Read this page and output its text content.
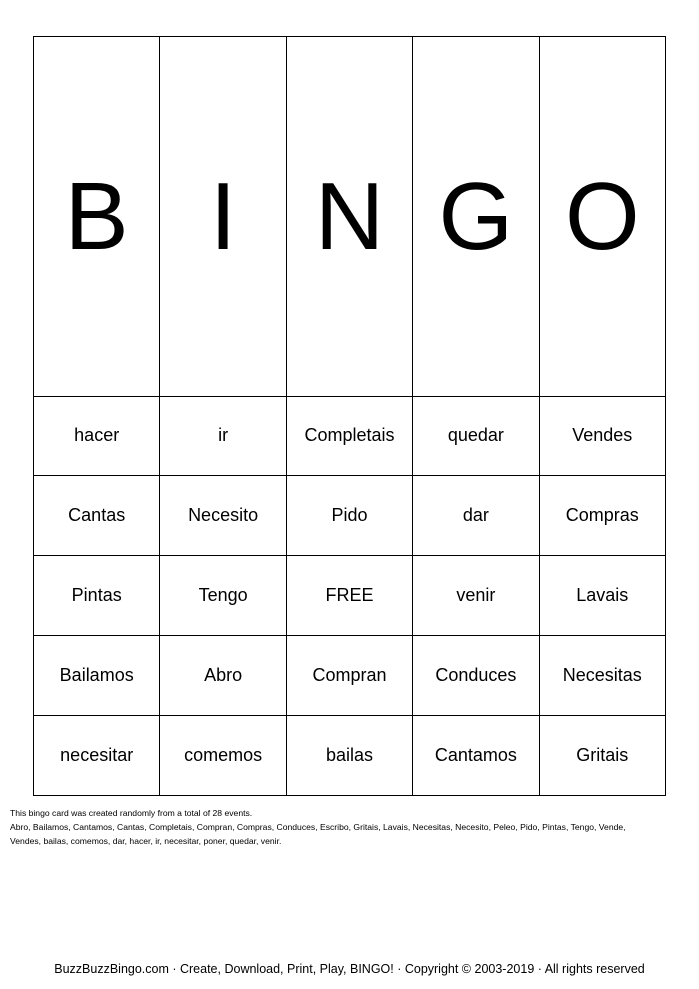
B	I	N	G	O
hacer	ir	Completais	quedar	Vendes
Cantas	Necesito	Pido	dar	Compras
Pintas	Tengo	FREE	venir	Lavais
Bailamos	Abro	Compran	Conduces	Necesitas
necesitar	comemos	bailas	Cantamos	Gritais
This bingo card was created randomly from a total of 28 events.
Abro, Bailamos, Cantamos, Cantas, Completais, Compran, Compras, Conduces, Escribo, Gritais, Lavais, Necesitas, Necesito, Peleo, Pido, Pintas, Tengo, Vende,
Vendes, bailas, comemos, dar, hacer, ir, necesitar, poner, quedar, venir.
BuzzBuzzBingo.com · Create, Download, Print, Play, BINGO! · Copyright © 2003-2019 · All rights reserved
